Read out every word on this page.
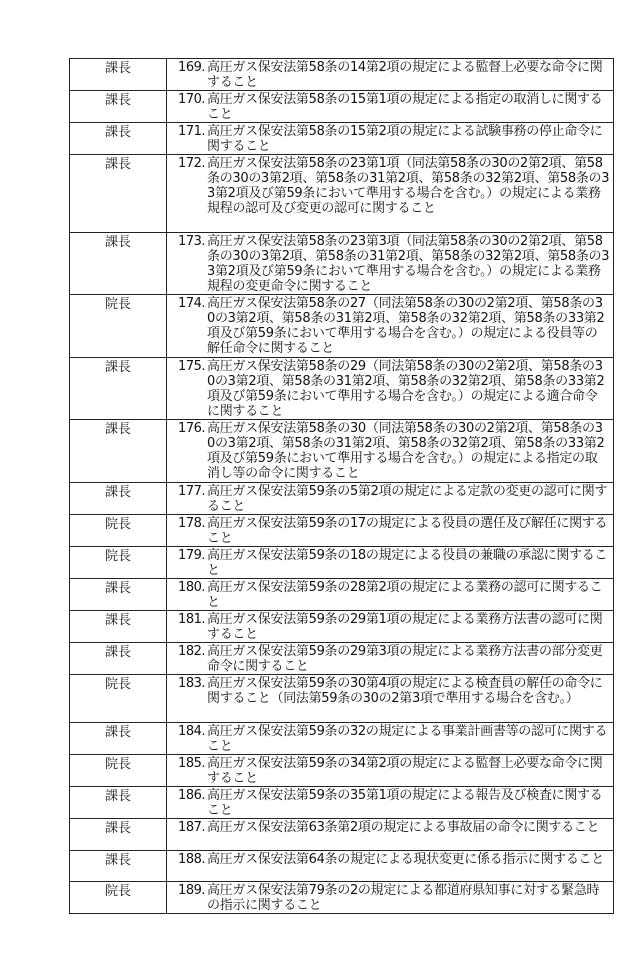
課長	169. 高圧ガス保安法第58条の14第2項の規定による監督上必要な命令に関すること

課長	170. 高圧ガス保安法第58条の15第1項の規定による指定の取消しに関すること

課長	171. 高圧ガス保安法第58条の15第2項の規定による試験事務の停止命令に関すること

課長	172. 高圧ガス保安法第58条の23第1項（同法第58条の30の2第2項、第58条の30の3第2項、第58条の31第2項、第58条の32第2項、第58条の33第2項及び第59条において準用する場合を含む。）の規定による業務規程の認可及び変更の認可に関すること

課長	173. 高圧ガス保安法第58条の23第3項（同法第58条の30の2第2項、第58条の30の3第2項、第58条の31第2項、第58条の32第2項、第58条の33第2項及び第59条において準用する場合を含む。）の規定による業務規程の変更命令に関すること

院長	174. 高圧ガス保安法第58条の27（同法第58条の30の2第2項、第58条の30の3第2項、第58条の31第2項、第58条の32第2項、第58条の33第2項及び第59条において準用する場合を含む。）の規定による役員等の解任命令に関すること

課長	175. 高圧ガス保安法第58条の29（同法第58条の30の2第2項、第58条の30の3第2項、第58条の31第2項、第58条の32第2項、第58条の33第2項及び第59条において準用する場合を含む。）の規定による適合命令に関すること

課長	176. 高圧ガス保安法第58条の30（同法第58条の30の2第2項、第58条の30の3第2項、第58条の31第2項、第58条の32第2項、第58条の33第2項及び第59条において準用する場合を含む。）の規定による指定の取消し等の命令に関すること

課長	177. 高圧ガス保安法第59条の5第2項の規定による定款の変更の認可に関すること

院長	178. 高圧ガス保安法第59条の17の規定による役員の選任及び解任に関すること

院長	179. 高圧ガス保安法第59条の18の規定による役員の兼職の承認に関すること

課長	180. 高圧ガス保安法第59条の28第2項の規定による業務の認可に関すること

課長	181. 高圧ガス保安法第59条の29第1項の規定による業務方法書の認可に関すること

課長	182. 高圧ガス保安法第59条の29第3項の規定による業務方法書の部分変更命令に関すること

院長	183. 高圧ガス保安法第59条の30第4項の規定による検査員の解任の命令に関すること（同法第59条の30の2第3項で準用する場合を含む。）

課長	184. 高圧ガス保安法第59条の32の規定による事業計画書等の認可に関すること

院長	185. 高圧ガス保安法第59条の34第2項の規定による監督上必要な命令に関すること

課長	186. 高圧ガス保安法第59条の35第1項の規定による報告及び検査に関すること

課長	187. 高圧ガス保安法第63条第2項の規定による事故届の命令に関すること

課長	188. 高圧ガス保安法第64条の規定による現状変更に係る指示に関すること

院長	189. 高圧ガス保安法第79条の2の規定による都道府県知事に対する緊急時の指示に関すること
